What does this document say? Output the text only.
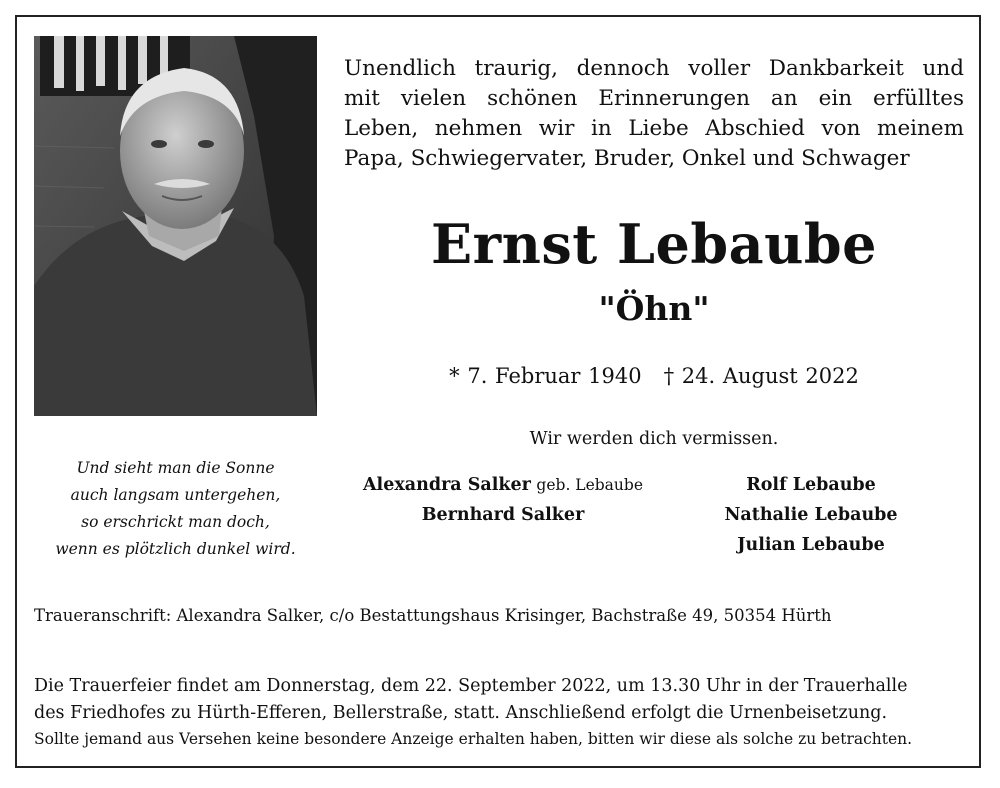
Und sieht man die Sonne
auch langsam untergehen,
so erschrickt man doch,
wenn es plötzlich dunkel wird.
Unendlich traurig, dennoch voller Dankbarkeit und
mit vielen schönen Erinnerungen an ein erfülltes
Leben, nehmen wir in Liebe Abschied von meinem
Papa, Schwiegervater, Bruder, Onkel und Schwager
Ernst Lebaube
"Öhn"
* 7. Februar 1940 † 24. August 2022
Wir werden dich vermissen.
Alexandra Salker geb. Lebaube
Bernhard Salker
Rolf Lebaube
Nathalie Lebaube
Julian Lebaube
Traueranschrift: Alexandra Salker, c/o Bestattungshaus Krisinger, Bachstraße 49, 50354 Hürth
Die Trauerfeier findet am Donnerstag, dem 22. September 2022, um 13.30 Uhr in der Trauerhalle
des Friedhofes zu Hürth-Efferen, Bellerstraße, statt. Anschließend erfolgt die Urnenbeisetzung.
Sollte jemand aus Versehen keine besondere Anzeige erhalten haben, bitten wir diese als solche zu betrachten.
